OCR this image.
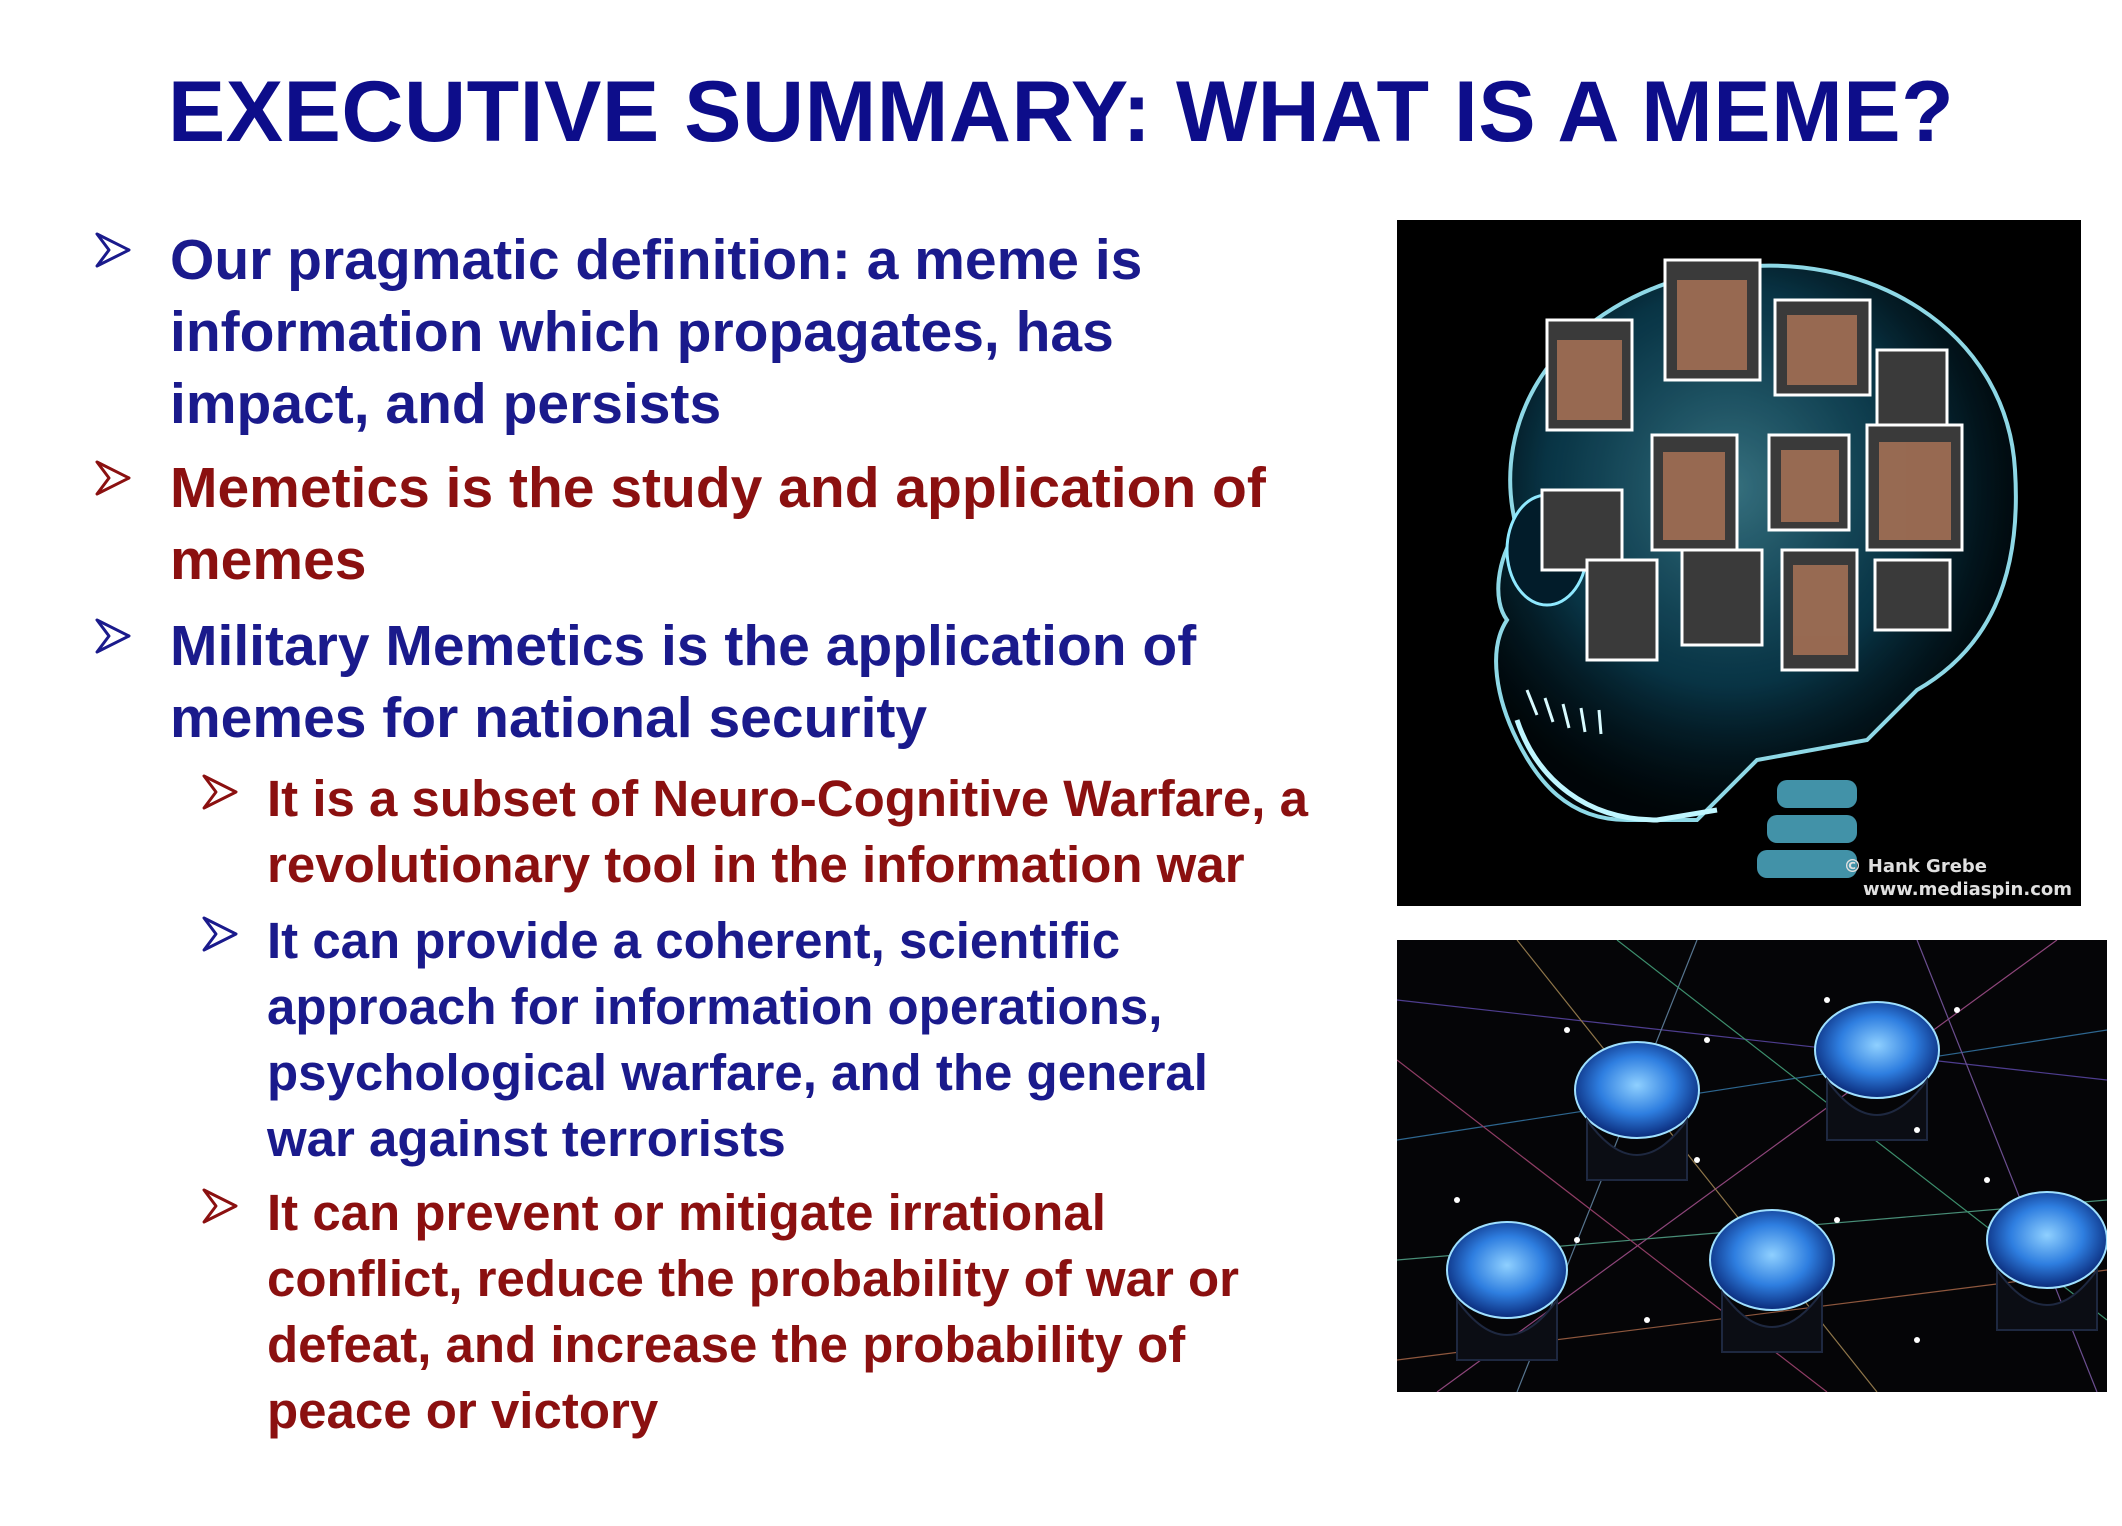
EXECUTIVE SUMMARY: WHAT IS A MEME?
Our pragmatic definition: a meme is information which propagates, has impact, and persists
Memetics is the study and application of memes
Military Memetics is the application of memes for national security
It is a subset of Neuro-Cognitive Warfare, a revolutionary tool in the information war
It can provide a coherent, scientific approach for information operations, psychological warfare, and the general war against terrorists
It can prevent or mitigate irrational conflict, reduce the probability of war or defeat, and increase the probability of peace or victory
© Hank Grebe
www.mediaspin.com
